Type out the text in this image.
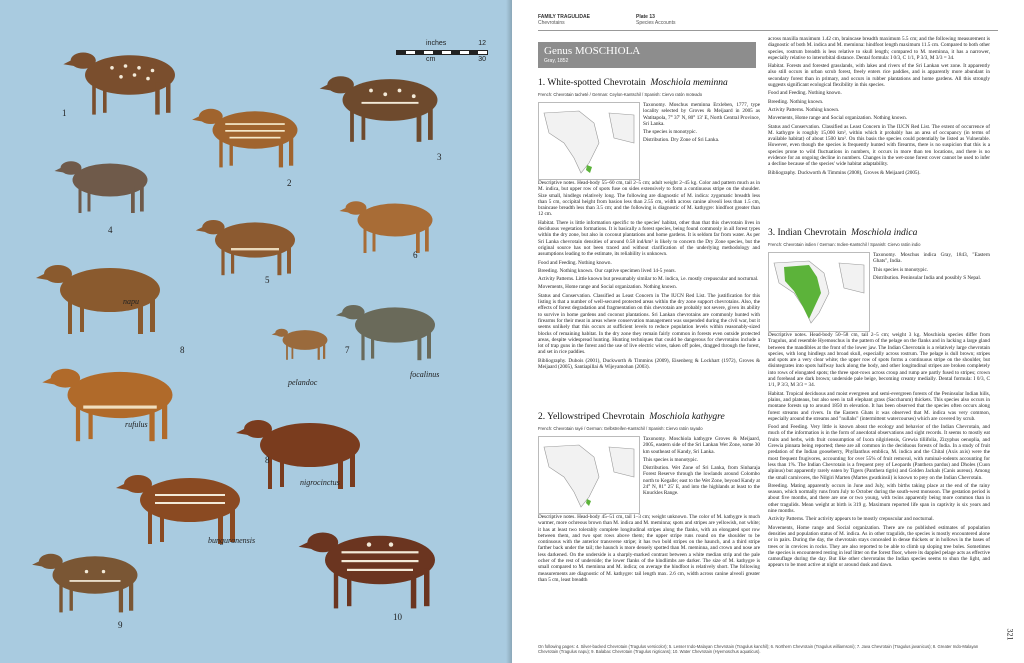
inches	12
cm	30
1
2
3
4
5
6
7
8
9
10
8
napu
pelandoc
focalinus
rufulus
nigrocinctus
bunguranensis
FAMILY TRAGULIDAE
Chevrotains
Plate 13
Species Accounts
Genus MOSCHIOLA
Gray, 1852
1. White-spotted Chevrotain Moschiola meminna
French: Chevrotain tacheté / German: Ceylon-Kantschil / Spanish: Ciervo ratón moteado

Taxonomy. Moschus meminna Erxleben, 1777, type locality selected by Groves & Meijaard in 2005 as Watitapola, 7° 37′ N, 80° 13′ E, North Central Province, Sri Lanka.

The species is monotypic.

Distribution. Dry Zone of Sri Lanka.

Descriptive notes. Head-body 55–60 cm, tail 2–5 cm; adult weight 2–45 kg. Color and pattern much as in M. indica, but upper row of spots fuse on sides extensively to form a continuous stripe on the shoulder. Size small, hindlegs relatively long. The following are diagnostic of M. indica: zygomatic breadth less than 5 cm, occipital height from basion less than 2.55 cm, width across canine alveoli less than 1.5 cm, braincase breadth less than 3.5 cm; and the following is diagnostic of M. kathygre: hindfoot greater than 12 cm.

Habitat. There is little information specific to the species' habitat, other than that this chevrotain lives in deciduous vegetation formations. It is basically a forest species, being found commonly in all forest types within the dry zone, but also in coconut plantations and home gardens. It is seldom far from water. As per Sri Lanka chevrotain densities of around 0.58 ind/km² is likely to concern the Dry Zone species, but the original source has not been traced and without clarification of the underlying methodology and assumptions leading to the estimate, its reliability is unknown.

Food and Feeding. Nothing known.

Breeding. Nothing known. Our captive specimen lived 14-5 years.

Activity Patterns. Little known but presumably similar to M. indica, i.e. mostly crepuscular and nocturnal.

Movements, Home range and Social organization. Nothing known.

Status and Conservation. Classified as Least Concern in The IUCN Red List. The justification for this listing is that a number of well-secured protected areas within the dry zone support chevrotains. Also, the effects of forest degradation and fragmentation on this chevrotain are probably not severe, given its ability to survive in home gardens and coconut plantations. Sri Lankan chevrotains are commonly hunted with firearms for their meat in areas where conservation management was suspended during the civil war, but it seems unlikely that this occurs at sufficient levels to reduce population levels within reasonably-sized blocks of remaining habitat. In the dry zone they remain fairly common in forests even outside protected areas, despite widespread hunting. Hunting techniques that could be dangerous for chevrotains include a lot of trap guns in the forest and the use of live electric wires, taken off poles, dragged through the forest, and set in rice paddies.

Bibliography. Dubois (2001), Duckworth & Timmins (2009), Eisenberg & Lockhart (1972), Groves & Meijaard (2005), Santiapillai & Wijeyamohan (2003).

2. Yellowstriped Chevrotain Moschiola kathygre
French: Chevrotain rayé / German: Gelbstreifen-Kantschil / Spanish: Ciervo ratón rayado

Taxonomy. Moschiola kathygre Groves & Meijaard, 2005, eastern side of the Sri Lankan Wet Zone, some 30 km southeast of Kandy, Sri Lanka.

This species is monotypic.

Distribution. Wet Zone of Sri Lanka, from Sinharaja Forest Reserve through the lowlands around Colombo north to Kegalle; east to the Wet Zone, beyond Kandy at 24° N, 81° 25′ E, and into the highlands at least to the Knuckles Range.

Descriptive notes. Head-body 45–51 cm, tail 1–3 cm; weight unknown. The color of M. kathygre is much warmer, more ochreous brown than M. indica and M. meminna; spots and stripes are yellowish, not white; it has at least two tolerably complete longitudinal stripes along the flanks, with an elongated spot row between them, and two spot rows above them; the upper stripe runs round on the shoulder to be continuous with the anterior transverse stripe; it has two bold stripes on the haunch, and a third stripe farther back under the tail; the haunch is more densely spotted than M. meminna, and crown and nose are less darkened. On the underside is a sharply-marked contrast between a white median strip and the pale ocher of the rest of underside; the lower flanks of the hindlimbs are darker. The size of M. kathygre is small compared to M. meminna and M. indica; on average the hindfoot is relatively short. The following measurements are diagnostic of M. kathygre: tail length max. 2.6 cm, width across canine alveoli greater than 5 cm, least breadth

across maxilla maximum 1.42 cm, braincase breadth maximum 5.5 cm; and the following measurement is diagnostic of both M. indica and M. meminna: hindfoot length maximum 11.5 cm. Compared to both other species, rostrum breadth is less relative to skull length; compared to M. meminna, it has a narrower, especially relative to interorbital distance. Dental formula: I 0/3, C 1/1, P 3/3, M 3/3 = 34.

Habitat. Forests and forested grasslands, with lakes and rivers of the Sri Lankan wet zone. It apparently also still occurs in urban scrub forest, freely enters rice paddies, and is apparently more abundant in secondary forest than in primary, and occurs in rubber plantations and home gardens. All this strongly suggests significant ecological flexibility in this species.

Food and Feeding. Nothing known.

Breeding. Nothing known.

Activity Patterns. Nothing known.

Movements, Home range and Social organization. Nothing known.

Status and Conservation. Classified as Least Concern in The IUCN Red List. The extent of occurrence of M. kathygre is roughly 15,000 km², within which it probably has an area of occupancy (in terms of available habitat) of about 1500 km². On this basis the species could potentially be listed as Vulnerable. However, even though the species is frequently hunted with firearms, there is no suspicion that this is a species prone to wild fluctuations in numbers, it occurs in more than ten locations, and there is no evidence for an ongoing decline in numbers. Changes in the wet-zone forest cover cannot be used to infer a decline because of the species' wide habitat adaptability.

Bibliography. Duckworth & Timmins (2008), Groves & Meijaard (2005).

3. Indian Chevrotain Moschiola indica
French: Chevrotain indien / German: Indien-Kantschil / Spanish: Ciervo ratón indio

Taxonomy. Moschus indica Gray, 1843, "Eastern Ghats", India.

This species is monotypic.

Distribution. Peninsular India and possibly S Nepal.

Descriptive notes. Head-body 50–58 cm, tail 2–5 cm; weight 3 kg. Moschiola species differ from Tragulus, and resemble Hyemoschus in the pattern of the pelage on the flanks and in lacking a large gland between the mandibles at the front of the lower jaw. The Indian Chevrotain is a relatively large chevrotain species, with long hindlegs and broad skull, especially across rostrum. The pelage is dull brown; stripes and spots are a very clear white; the upper row of spots forms a continuous stripe on the shoulder, but disintegrates into spots halfway back along the body, and other longitudinal stripes are broken completely into rows of elongated spots; the three spot-rows across croup and rump are partly fused to stripes; crown and forehead are dark brown; underside pale beige, becoming creamy medially. Dental formula: I 0/3, C 1/1, P 3/3, M 3/3 = 34.

Habitat. Tropical deciduous and moist evergreen and semi-evergreen forests of the Peninsular Indian hills, plains, and plateaus, but also seen in tall elephant grass (Saccharum) thickets. This species also occurs in montane forests up to around 1850 m elevation. It has been observed that the species often occurs along forest streams and rivers. In the Eastern Ghats it was observed that M. indica was very common, especially around the streams and "nullahs" (intermittent watercourses) which are covered by scrub.

Food and Feeding. Very little is known about the ecology and behavior of the Indian Chevrotain, and much of the information is in the form of anecdotal observations and sight records. It seems to mostly eat fruits and herbs, with fruit consumption of Ixora nilgiriensis, Grewia tiliifolia, Zizyphus oenoplia, and Grewia pinnata being reported; these are all common in the deciduous forests of India. In a study of fruit predation of the Indian gooseberry, Phyllanthus emblica, M. indica and the Chital (Axis axis) were the most frequent frugivores, accounting for over 55% of fruit removal, with ruminal-rodents accounting for less than 1%. The Indian Chevrotain is a frequent prey of Leopards (Panthera pardus) and Dholes (Cuon alpinus) but apparently rarely eaten by Tigers (Panthera tigris) and Golden Jackals (Canis aureus). Among the small carnivores, the Nilgiri Marten (Martes gwatkinsii) is known to prey on the Indian Chevrotain.

Breeding. Mating apparently occurs in June and July, with births taking place at the end of the rainy season, which normally runs from July to October during the south-west monsoon. The gestation period is about five months, and there are one or two young, with twins apparently being more common than in other tragulids. Mean weight at birth is 319 g. Maximum reported life span in captivity is six years and nine months.

Activity Patterns. Their activity appears to be mostly crepuscular and nocturnal.

Movements, Home range and Social organization. There are no published estimates of population densities and population status of M. indica. As in other tragulids, the species is mostly encountered alone or in pairs. During the day, the chevrotain stays concealed in dense thickets or in hollows in the bases of trees or in crevices in rocks. They are also reported to be able to climb up sloping tree boles. Sometimes the species is encountered resting in leaf litter on the forest floor, where its dappled pelage acts as effective camouflage during the day. But like other chevrotains the Indian species seems to shun the light, and appears to be most active at night or around dusk and dawn.

On following pages: 4. Silver-backed Chevrotain (Tragulus versicolor); 5. Lesser Indo-Malayan Chevrotain (Tragulus kanchil); 6. Northern Chevrotain (Tragulus williamsoni); 7. Java Chevrotain (Tragulus javanicus); 8. Greater Indo-Malayan Chevrotain (Tragulus napu); 9. Balabac Chevrotain (Tragulus nigricans); 10. Water Chevrotain (Hyemoschus aquaticus).
321
